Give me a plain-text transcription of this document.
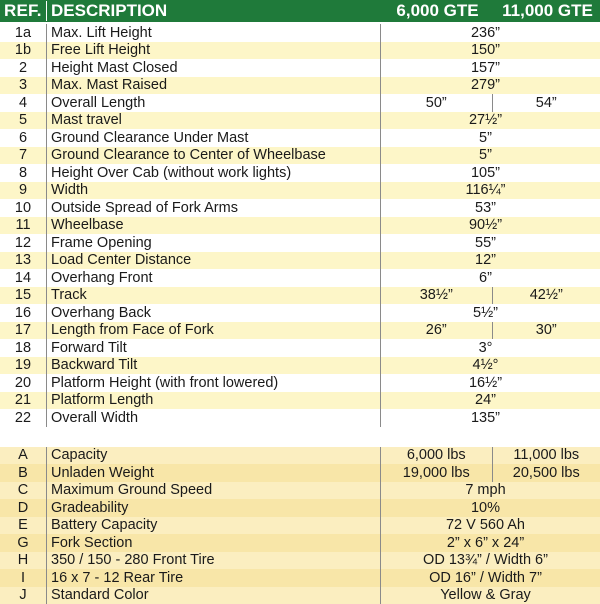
REF. DESCRIPTION	6,000 GTE	11,000 GTE
1a	Max. Lift Height	236”
1b	Free Lift Height	150”
2	Height Mast Closed	157”
3	Max. Mast Raised	279”
4	Overall Length	50”	54”
5	Mast travel	27½”
6	Ground Clearance Under Mast	5”
7	Ground Clearance to Center of Wheelbase	5”
8	Height Over Cab (without work lights)	105”
9	Width	116¼”
10	Outside Spread of Fork Arms	53”
11	Wheelbase	90½”
12	Frame Opening	55”
13	Load Center Distance	12”
14	Overhang Front	6”
15	Track	38½”	42½”
16	Overhang Back	5½”
17	Length from Face of Fork	26”	30”
18	Forward Tilt	3°
19	Backward Tilt	4½°
20	Platform Height (with front lowered)	16½”
21	Platform Length	24”
22	Overall Width	135”
A	Capacity	6,000 lbs	11,000 lbs
B	Unladen Weight	19,000 lbs	20,500 lbs
C	Maximum Ground Speed	7 mph
D	Gradeability	10%
E	Battery Capacity	72 V 560 Ah
G	Fork Section	2” x 6” x 24”
H	350 / 150 - 280 Front Tire	OD 13¾” / Width 6”
I	16 x 7 - 12 Rear Tire	OD 16” / Width 7”
J	Standard Color	Yellow & Gray
